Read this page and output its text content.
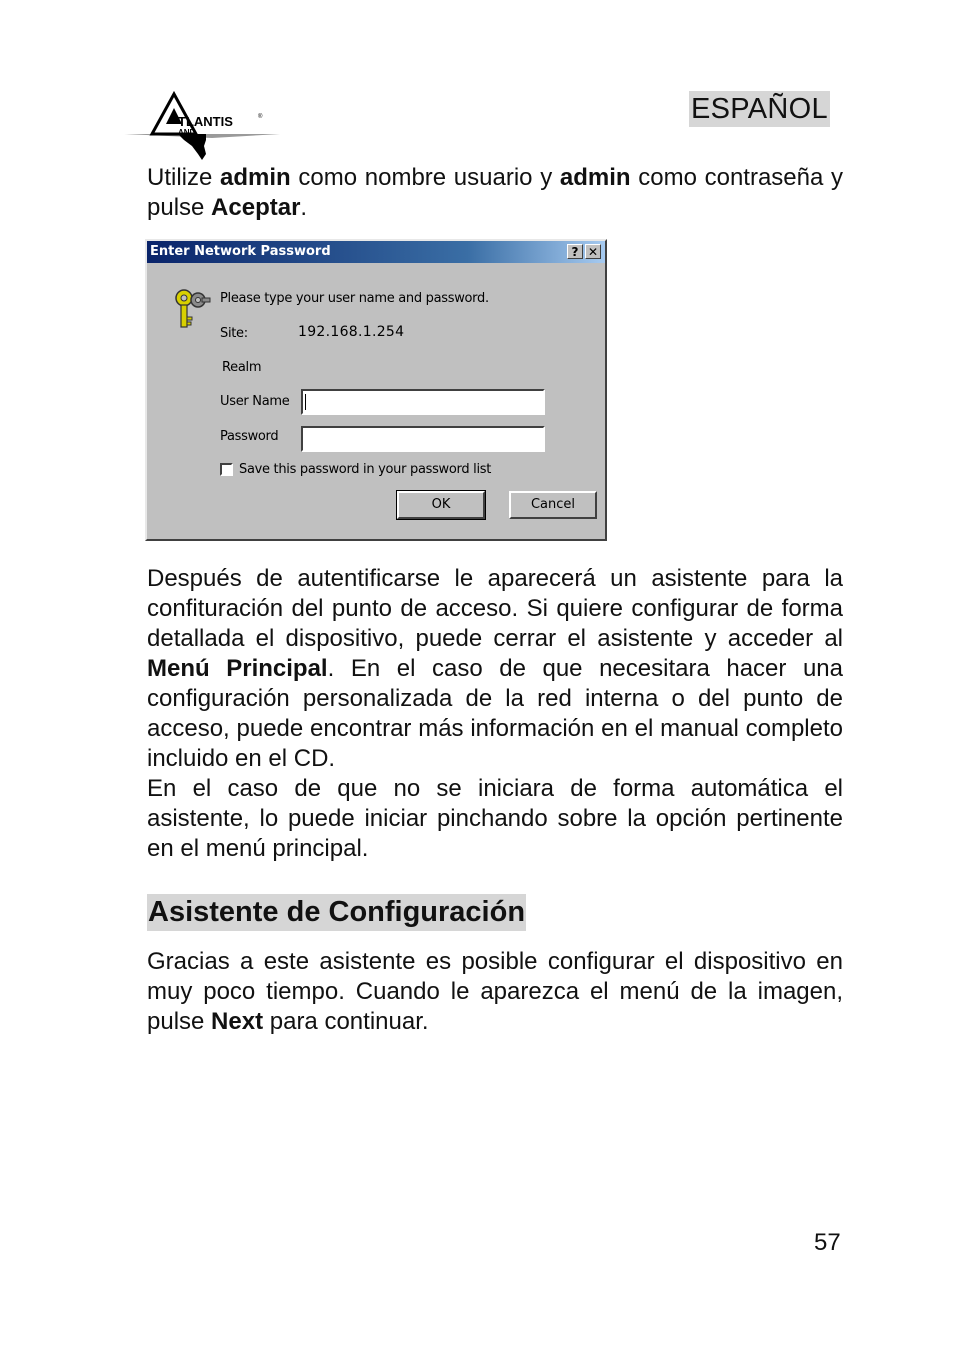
TLANTIS	®
AND
ESPAÑOL

Utilize admin como nombre usuario y admin como contraseña y pulse Aceptar.

Enter Network Password	? ✕
Please type your user name and password.
Site:	192.168.1.254
Realm
User Name
Password
Save this password in your password list
OK	Cancel

Después de autentificarse le aparecerá un asistente para la confituración del punto de acceso. Si quiere configurar de forma detallada el dispositivo, puede cerrar el asistente y acceder al Menú Principal. En el caso de que necesitara hacer una configuración personalizada de la red interna o del punto de acceso, puede encontrar más información en el manual completo incluido en el CD.

En el caso de que no se iniciara de forma automática el asistente, lo puede iniciar pinchando sobre la opción pertinente en el menú principal.

Asistente de Configuración

Gracias a este asistente es posible configurar el dispositivo en muy poco tiempo. Cuando le aparezca el menú de la imagen, pulse Next para continuar.

57
